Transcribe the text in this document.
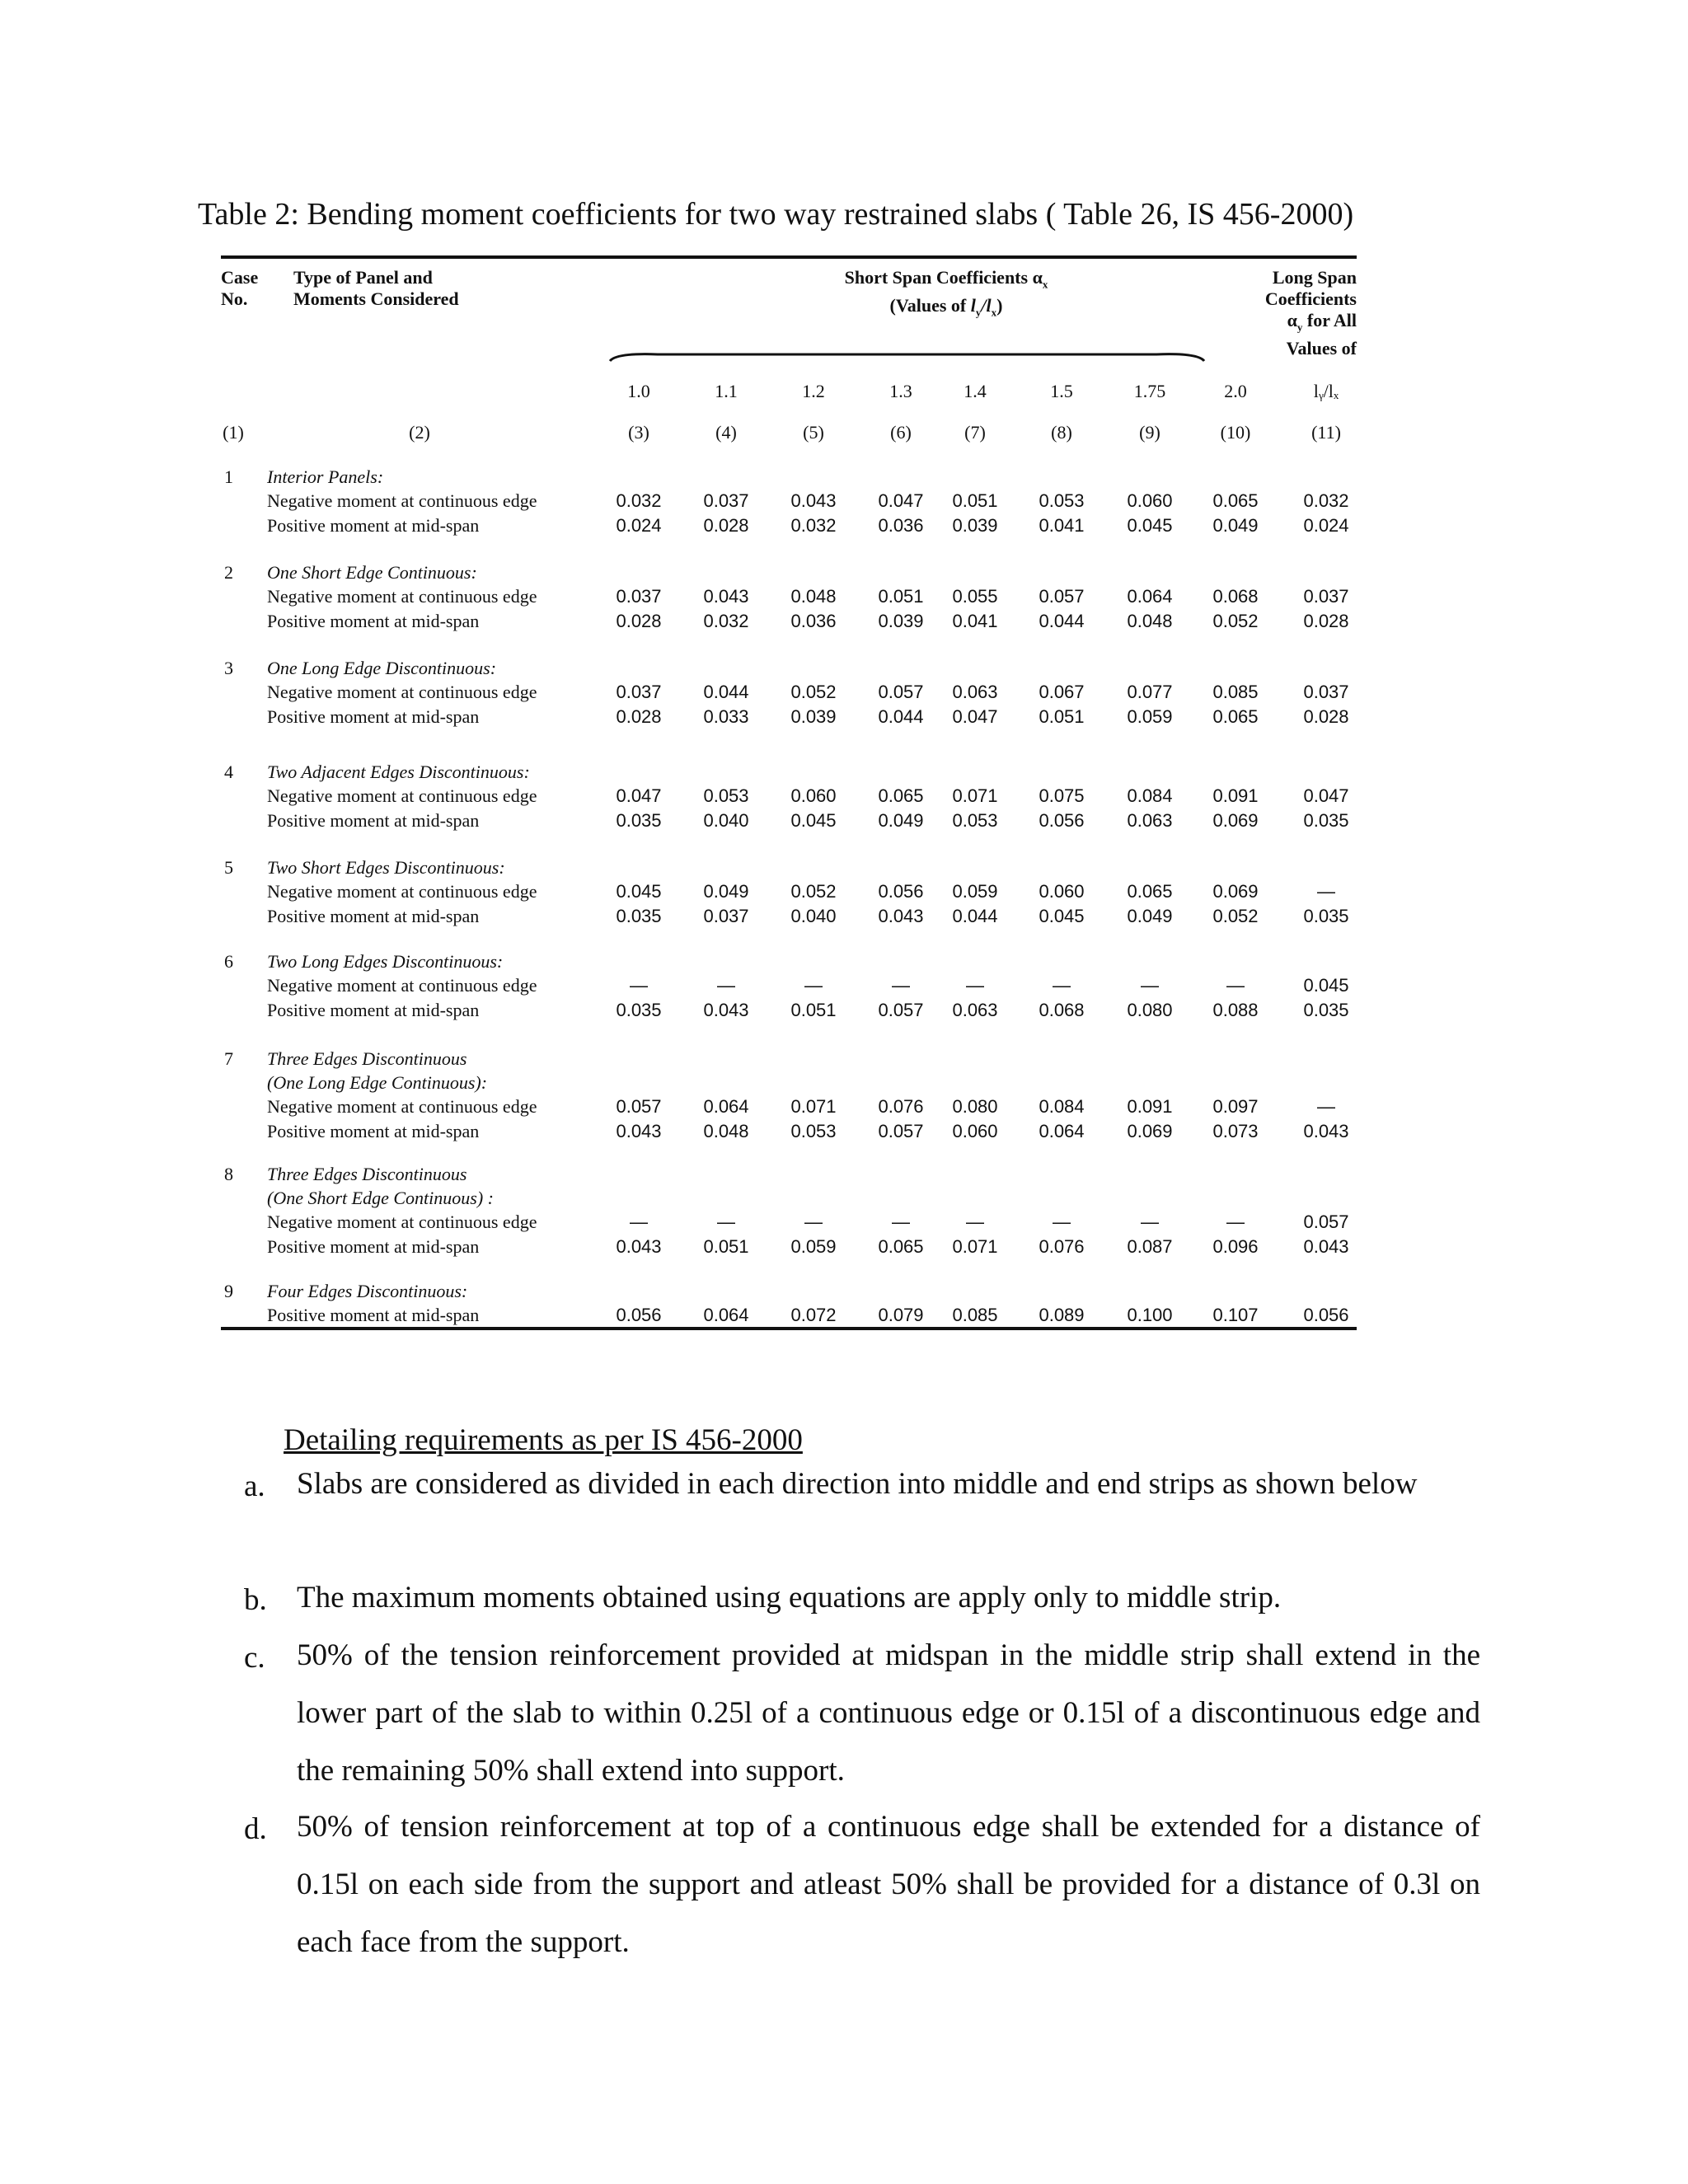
Table 2: Bending moment coefficients for two way restrained slabs ( Table 26, IS 456-2000)
Case
No.
Type of Panel and
Moments Considered
Short Span Coefficients $\alpha_x$
(Values of $l_y/l_x$)
Long Span
Coefficients
$\alpha_y$ for All
Values of
1.0	1.1	1.2	1.3	1.4	1.5	1.75	2.0	lᵧ/lₓ
(1)	(2)	(3)	(4)	(5)	(6)	(7)	(8)	(9)	(10)	(11)
1 Interior Panels:
Negative moment at continuous edge	0.032	0.037	0.043	0.047	0.051	0.053	0.060	0.065	0.032
Positive moment at mid-span	0.024	0.028	0.032	0.036	0.039	0.041	0.045	0.049	0.024
2 One Short Edge Continuous:
Negative moment at continuous edge	0.037	0.043	0.048	0.051	0.055	0.057	0.064	0.068	0.037
Positive moment at mid-span	0.028	0.032	0.036	0.039	0.041	0.044	0.048	0.052	0.028
3 One Long Edge Discontinuous:
Negative moment at continuous edge	0.037	0.044	0.052	0.057	0.063	0.067	0.077	0.085	0.037
Positive moment at mid-span	0.028	0.033	0.039	0.044	0.047	0.051	0.059	0.065	0.028
4 Two Adjacent Edges Discontinuous:
Negative moment at continuous edge	0.047	0.053	0.060	0.065	0.071	0.075	0.084	0.091	0.047
Positive moment at mid-span	0.035	0.040	0.045	0.049	0.053	0.056	0.063	0.069	0.035
5 Two Short Edges Discontinuous:
Negative moment at continuous edge	0.045	0.049	0.052	0.056	0.059	0.060	0.065	0.069	—
Positive moment at mid-span	0.035	0.037	0.040	0.043	0.044	0.045	0.049	0.052	0.035
6 Two Long Edges Discontinuous:
Negative moment at continuous edge	—	—	—	—	—	—	—	—	0.045
Positive moment at mid-span	0.035	0.043	0.051	0.057	0.063	0.068	0.080	0.088	0.035
7 Three Edges Discontinuous
(One Long Edge Continuous):
Negative moment at continuous edge	0.057	0.064	0.071	0.076	0.080	0.084	0.091	0.097	—
Positive moment at mid-span	0.043	0.048	0.053	0.057	0.060	0.064	0.069	0.073	0.043
8 Three Edges Discontinuous
(One Short Edge Continuous) :
Negative moment at continuous edge	—	—	—	—	—	—	—	—	0.057
Positive moment at mid-span	0.043	0.051	0.059	0.065	0.071	0.076	0.087	0.096	0.043
9 Four Edges Discontinuous:
Positive moment at mid-span	0.056	0.064	0.072	0.079	0.085	0.089	0.100	0.107	0.056
Detailing requirements as per IS 456-2000
a. Slabs are considered as divided in each direction into middle and end strips as shown below
b. The maximum moments obtained using equations are apply only to middle strip.
c. 50% of the tension reinforcement provided at midspan in the middle strip shall extend in the lower part of the slab to within 0.25l of a continuous edge or 0.15l of a discontinuous edge and the remaining 50% shall extend into support.
d. 50% of tension reinforcement at top of a continuous edge shall be extended for a distance of 0.15l on each side from the support and atleast 50% shall be provided for a distance of 0.3l on each face from the support.
